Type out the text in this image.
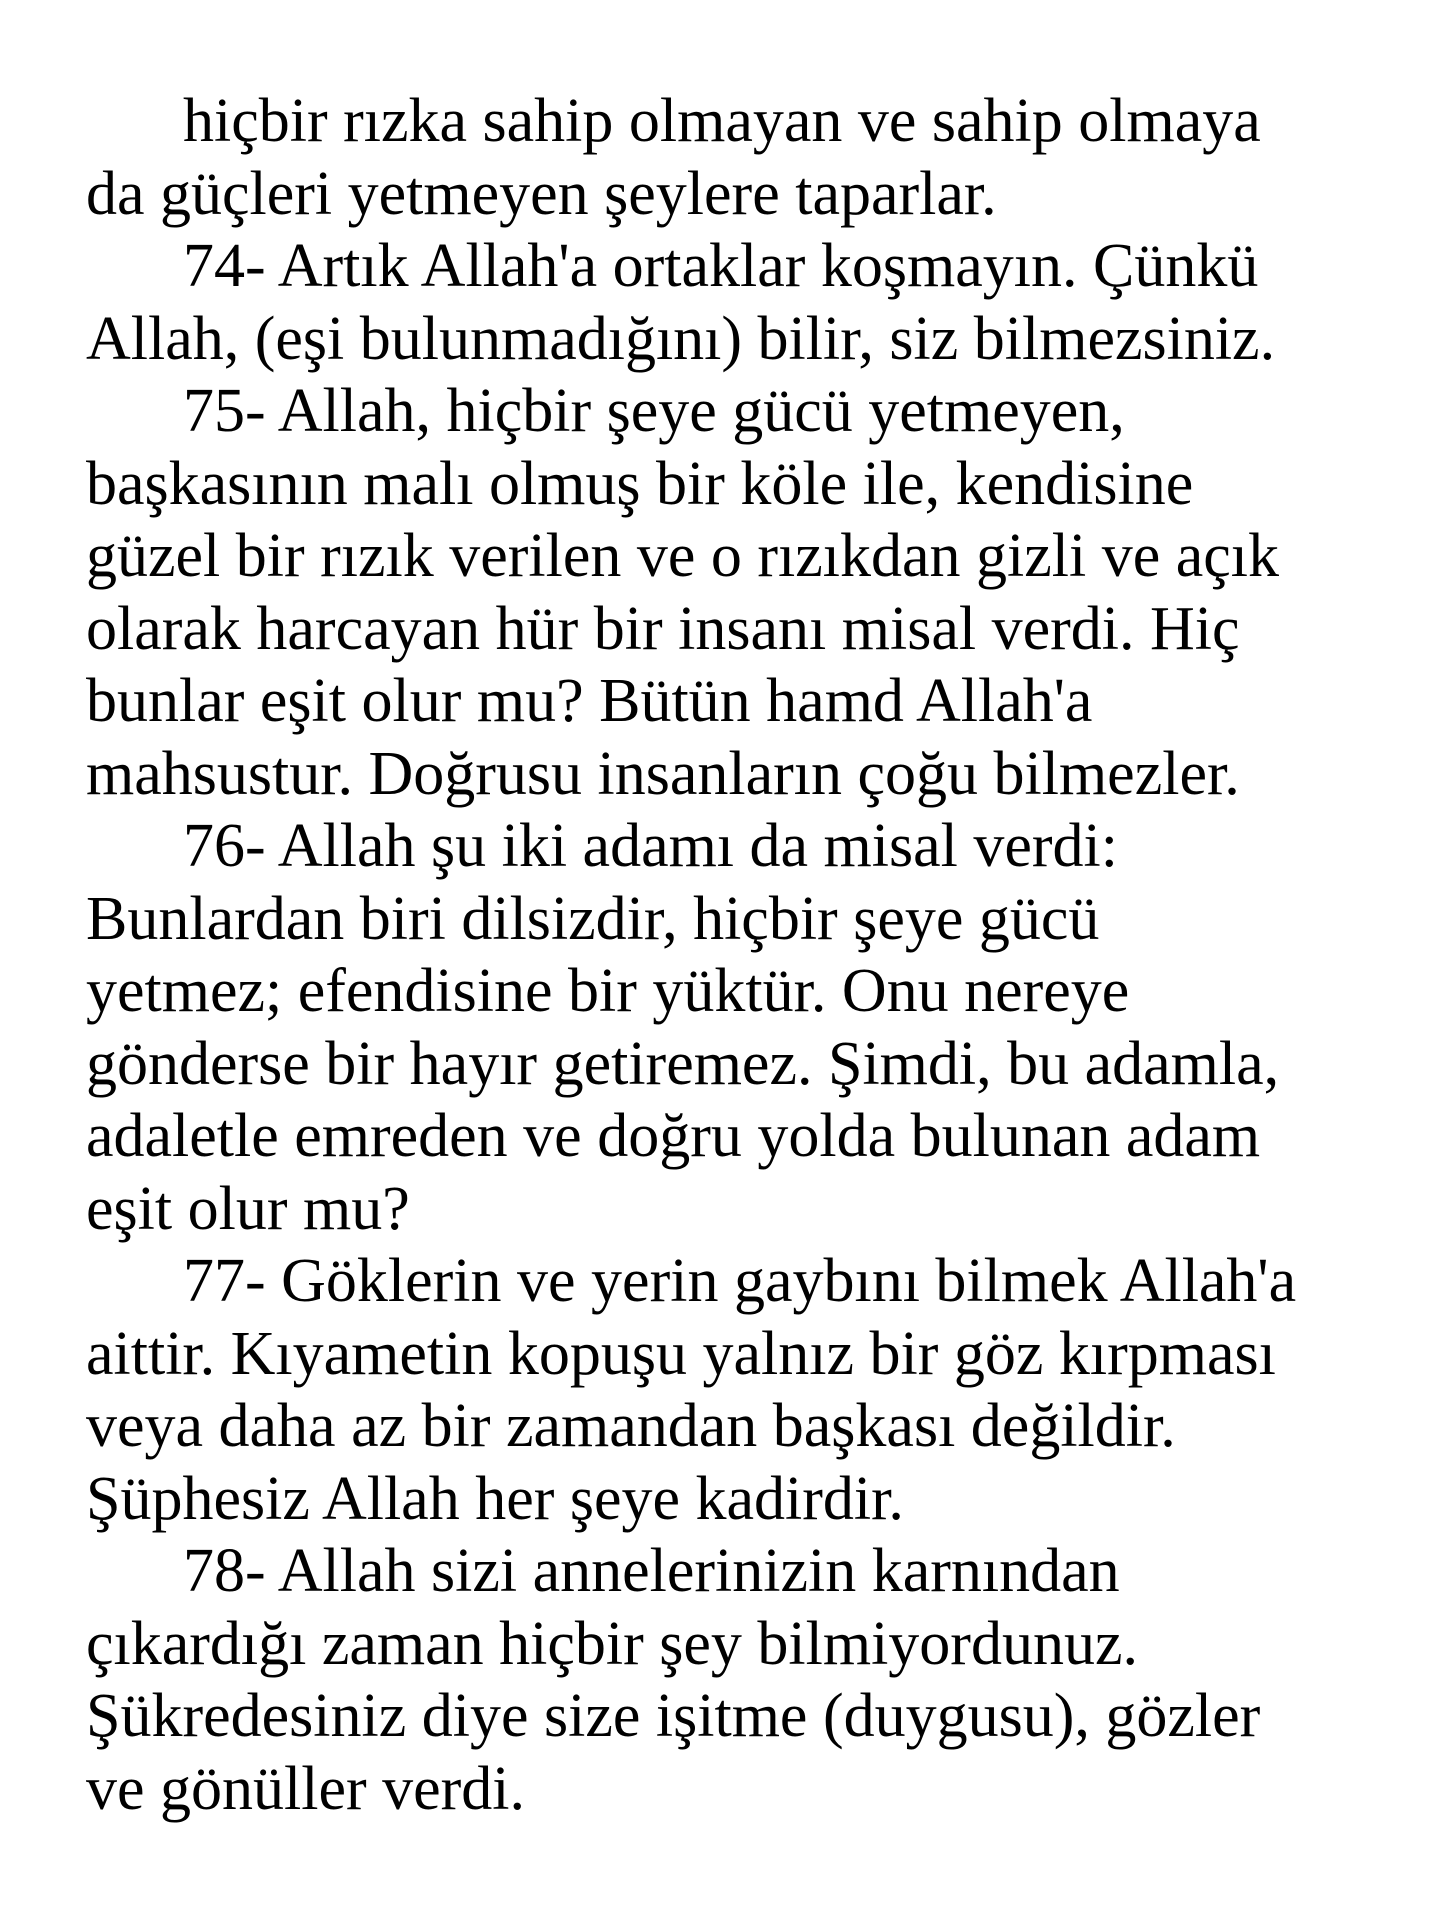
hiçbir rızka sahip olmayan ve sahip olmaya
da güçleri yetmeyen şeylere taparlar.
74- Artık Allah'a ortaklar koşmayın. Çünkü
Allah, (eşi bulunmadığını) bilir, siz bilmezsiniz.
75- Allah, hiçbir şeye gücü yetmeyen,
başkasının malı olmuş bir köle ile, kendisine
güzel bir rızık verilen ve o rızıkdan gizli ve açık
olarak harcayan hür bir insanı misal verdi. Hiç
bunlar eşit olur mu? Bütün hamd Allah'a
mahsustur. Doğrusu insanların çoğu bilmezler.
76- Allah şu iki adamı da misal verdi:
Bunlardan biri dilsizdir, hiçbir şeye gücü
yetmez; efendisine bir yüktür. Onu nereye
gönderse bir hayır getiremez. Şimdi, bu adamla,
adaletle emreden ve doğru yolda bulunan adam
eşit olur mu?
77- Göklerin ve yerin gaybını bilmek Allah'a
aittir. Kıyametin kopuşu yalnız bir göz kırpması
veya daha az bir zamandan başkası değildir.
Şüphesiz Allah her şeye kadirdir.
78- Allah sizi annelerinizin karnından
çıkardığı zaman hiçbir şey bilmiyordunuz.
Şükredesiniz diye size işitme (duygusu), gözler
ve gönüller verdi.
